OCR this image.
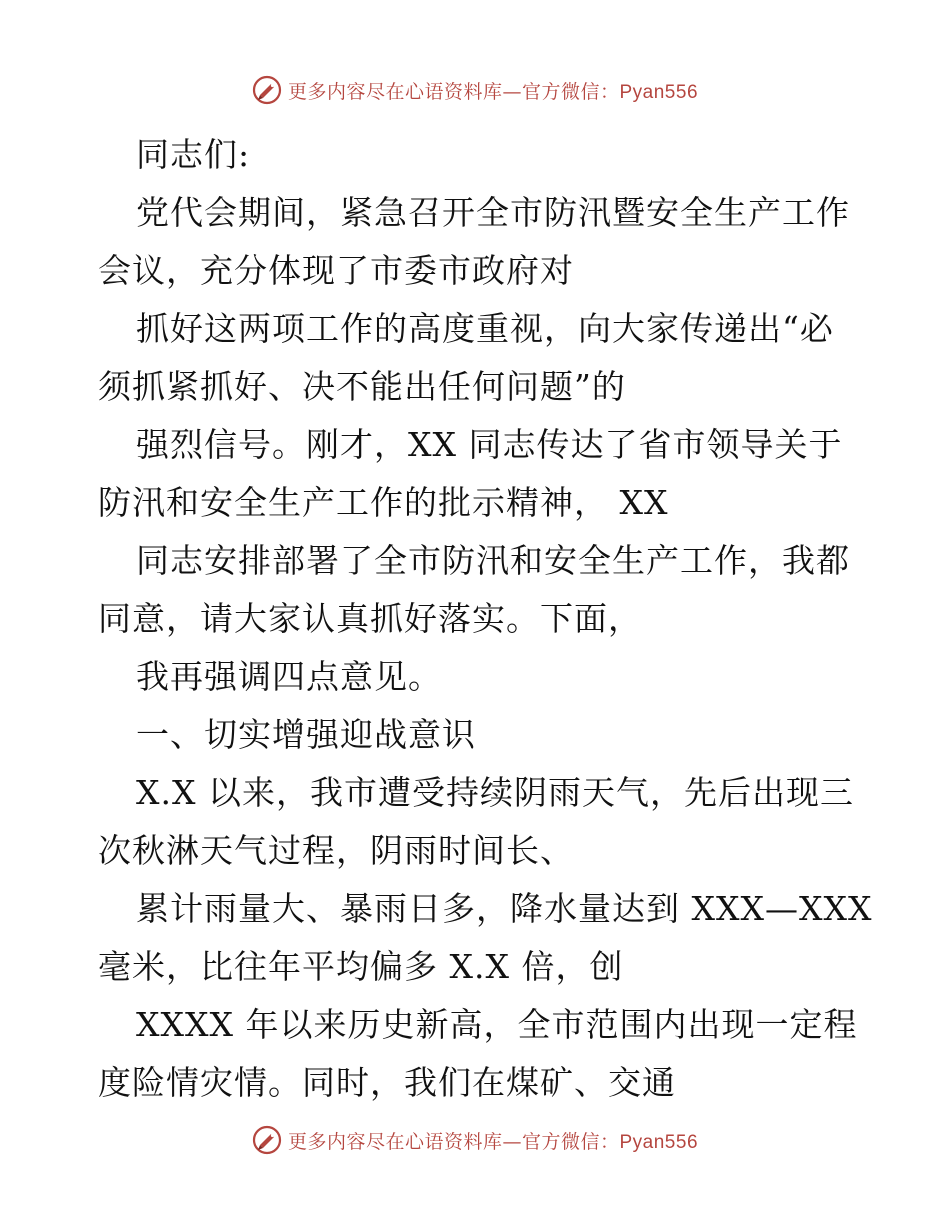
更多内容尽在心语资料库—官方微信：Pyan556
同志们:
党代会期间，紧急召开全市防汛暨安全生产工作
会议，充分体现了市委市政府对
抓好这两项工作的高度重视，向大家传递出“必
须抓紧抓好、决不能出任何问题”的
强烈信号。刚才，XX 同志传达了省市领导关于
防汛和安全生产工作的批示精神， XX
同志安排部署了全市防汛和安全生产工作，我都
同意，请大家认真抓好落实。下面，
我再强调四点意见。
一、切实增强迎战意识
X.X 以来，我市遭受持续阴雨天气，先后出现三
次秋淋天气过程，阴雨时间长、
累计雨量大、暴雨日多，降水量达到 XXX—XXX
毫米，比往年平均偏多 X.X 倍，创
XXXX 年以来历史新高，全市范围内出现一定程
度险情灾情。同时，我们在煤矿、交通
更多内容尽在心语资料库—官方微信：Pyan556
